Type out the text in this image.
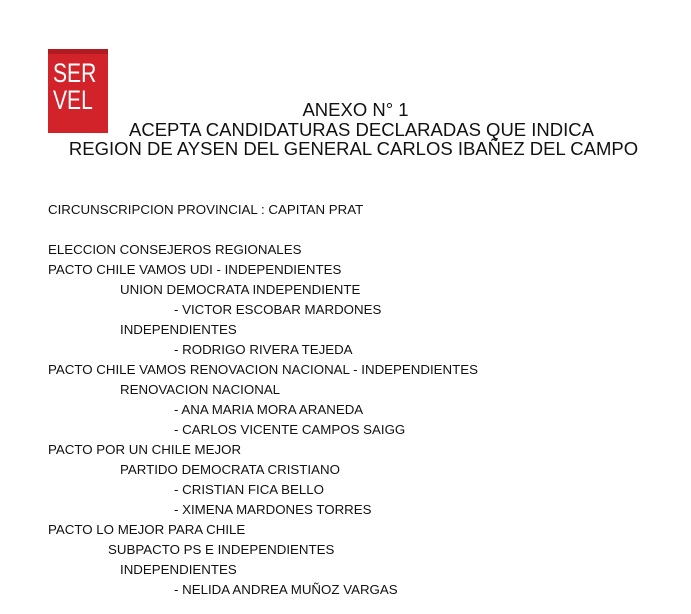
SER
VEL	ANEXO N° 1
ACEPTA CANDIDATURAS DECLARADAS QUE INDICA
REGION DE AYSEN DEL GENERAL CARLOS IBAÑEZ DEL CAMPO
CIRCUNSCRIPCION PROVINCIAL : CAPITAN PRAT
ELECCION CONSEJEROS REGIONALES
PACTO CHILE VAMOS UDI - INDEPENDIENTES
UNION DEMOCRATA INDEPENDIENTE
- VICTOR ESCOBAR MARDONES
INDEPENDIENTES
- RODRIGO RIVERA TEJEDA
PACTO CHILE VAMOS RENOVACION NACIONAL - INDEPENDIENTES
RENOVACION NACIONAL
- ANA MARIA MORA ARANEDA
- CARLOS VICENTE CAMPOS SAIGG
PACTO POR UN CHILE MEJOR
PARTIDO DEMOCRATA CRISTIANO
- CRISTIAN FICA BELLO
- XIMENA MARDONES TORRES
PACTO LO MEJOR PARA CHILE
SUBPACTO PS E INDEPENDIENTES
INDEPENDIENTES
- NELIDA ANDREA MUÑOZ VARGAS
